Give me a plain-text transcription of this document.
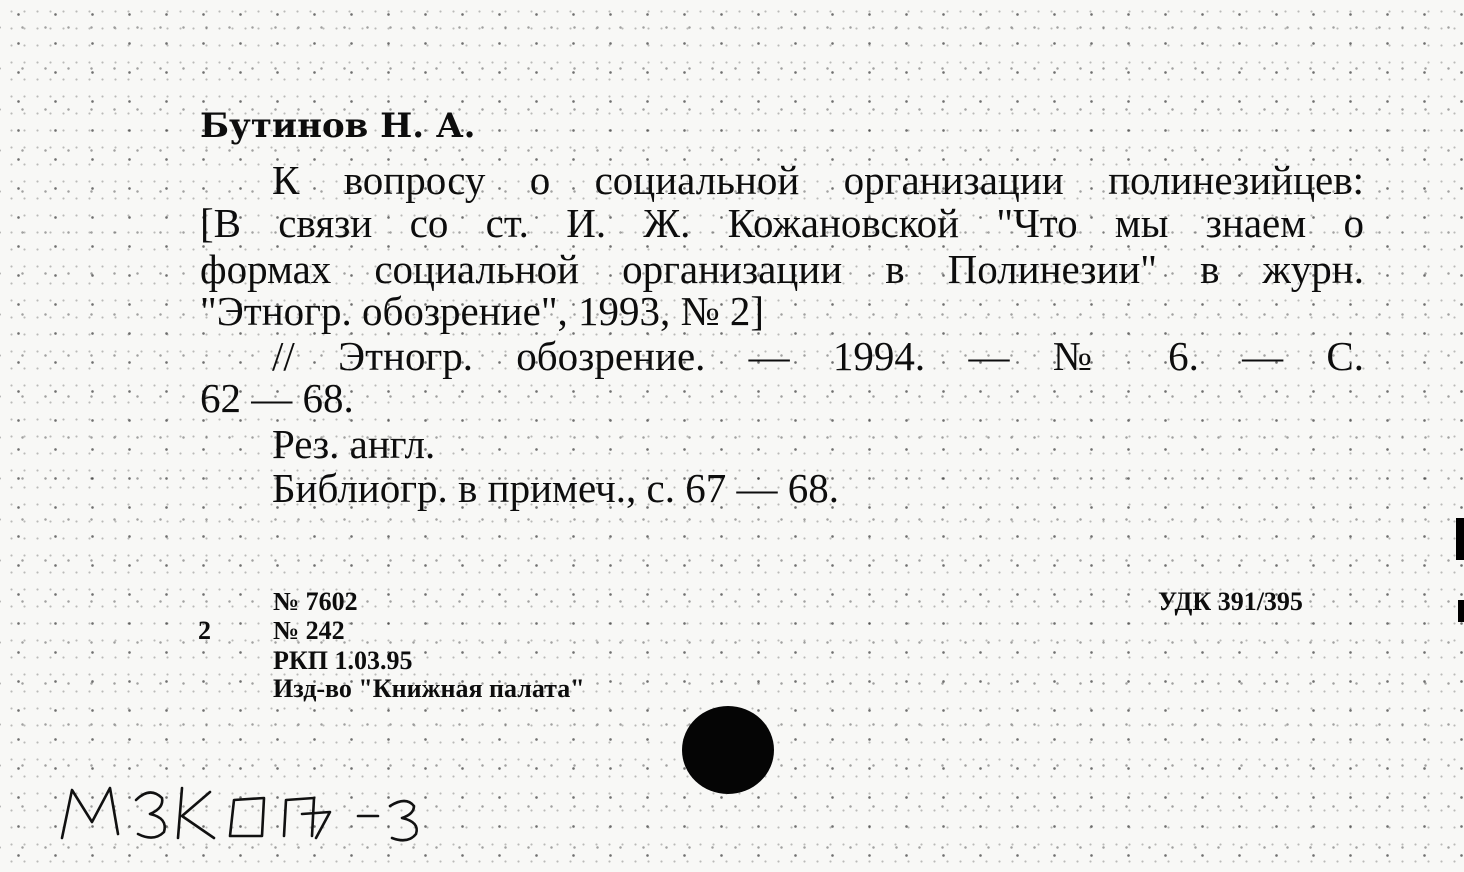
Бутинов Н. А.
К вопросу о социальной организации полинезийцев:
[В связи со ст. И. Ж. Кожановской "Что мы знаем о
формах социальной организации в Полинезии" в журн.
"Этногр. обозрение", 1993, № 2]
// Этногр. обозрение. — 1994. — № 6. — С.
62 — 68.
Рез. англ.
Библиогр. в примеч., с. 67 — 68.
2
№ 7602
№ 242
РКП 1.03.95
Изд-во "Книжная палата"
УДК 391/395
